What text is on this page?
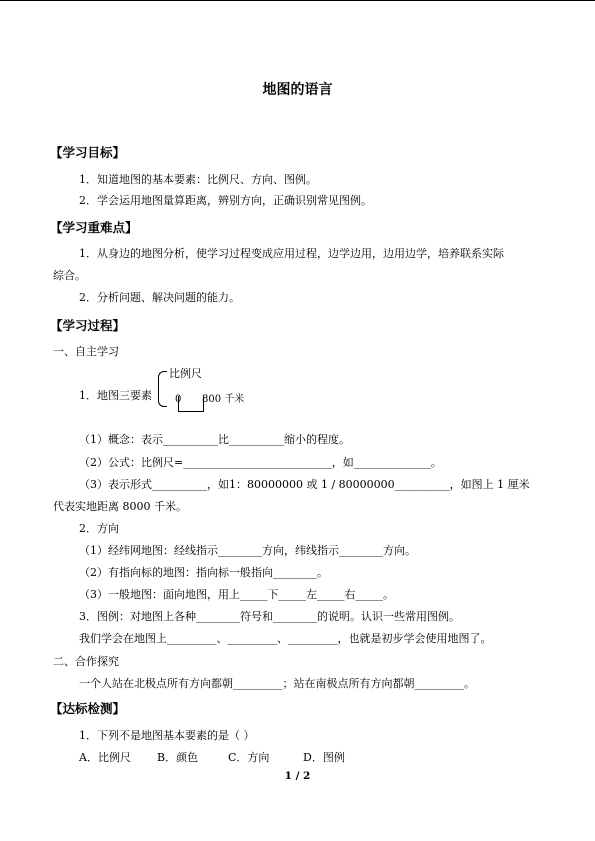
地图的语言
【学习目标】
1．知道地图的基本要素：比例尺、方向、图例。
2．学会运用地图量算距离，辨别方向，正确识别常见图例。
【学习重难点】
1．从身边的地图分析，使学习过程变成应用过程，边学边用，边用边学，培养联系实际
综合。
2．分析问题、解决问题的能力。
【学习过程】
一、自主学习
1．地图三要素
比例尺
0 800 千米
（1）概念：表示__________比__________缩小的程度。
（2）公式：比例尺=___________________________，如______________。
（3）表示形式__________，如1：80000000 或 1 / 80000000__________，如图上 1 厘米
代表实地距离 8000 千米。
2．方向
（1）经纬网地图：经线指示________方向，纬线指示________方向。
（2）有指向标的地图：指向标一般指向________。
（3）一般地图：面向地图，用上_____下_____左_____右_____。
3．图例：对地图上各种________符号和________的说明。认识一些常用图例。
我们学会在地图上_________、_________、_________，也就是初步学会使用地图了。
二、合作探究
一个人站在北极点所有方向都朝_________；站在南极点所有方向都朝_________。
【达标检测】
1．下列不是地图基本要素的是（ ）
A．比例尺 B．颜色	C．方向	D．图例
1 / 2
